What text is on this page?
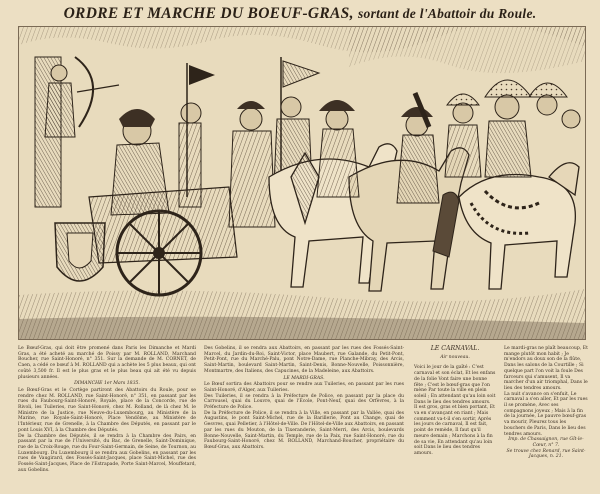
ORDRE ET MARCHE DU BOEUF-GRAS, sortant de l'Abattoir du Roule.

Le Bœuf-Gras, qui doit être promené dans Paris les Dimanche et Mardi Gras, a été acheté au marché de Poissy par M. ROLLAND, Marchand Boucher, rue Saint-Honoré, n° 351. Sur la demande de M. CORNET, de Caen, a cédé ce bœuf à M. ROLLAND qui a achète les 5 plus beaux, qui ont coûté 3,500 fr. Il est le plus gras et le plus beau qui ait été vu depuis plusieurs années.

DIMANCHE 1er Mars 1835.

Le Bœuf-Gras et le Cortège partiront des Abattoirs du Roule, pour se rendre chez M. ROLLAND, rue Saint-Honoré, n° 351, en passant par les rues du Faubourg-Saint-Honoré, Royale, place de la Concorde, rue de Rivoli, les Tuileries, rue Saint-Honoré, chez M. Rolland, de là chez M. le Ministre de la Justice, rue Neuve-du-Luxembourg, au Ministère de la Marine, rue Royale-Saint-Honoré, Place Vendôme, au Ministère de l'Intérieur, rue de Grenelle, à la Chambre des Députés, en passant par le pont Louis XVI, à la Chambre des Députés.

De la Chambre des Députés, il se rendra à la Chambre des Pairs, en passant par la rue de l'Université, du Bac, de Grenelle, Saint-Dominique, rue de la Croix-Rouge, rue du Four-Saint-Germain, de Seine, de Tournon, au Luxembourg. Du Luxembourg il se rendra aux Gobelins, en passant par les rues de Vaugirard, des Fossés-Saint-Jacques, place Saint-Michel, rue des Fossés-Saint-Jacques, Place de l'Estrapade, Porte Saint-Marcel, Mouffetard, aux Gobelins.

Des Gobelins, il se rendra aux Abattoirs, en passant par les rues des Fossés-Saint-Marcel, du Jardin-du-Roi, Saint-Victor, place Maubert, rue Galande, du Petit-Pont, Petit-Pont, rue du Marché-Palu, pont Notre-Dame, rue Planche-Mibray, des Arcis, Saint-Martin, boulevard Saint-Martin, Saint-Denis, Bonne-Nouvelle, Poissonnière, Montmartre, des Italiens, des Capucines, de la Madeleine, aux Abattoirs.

LE MARDI-GRAS.

Le Bœuf sortira des Abattoirs pour se rendre aux Tuileries, en passant par les rues Saint-Honoré, d'Alger, aux Tuileries.

Des Tuileries, il se rendra à la Préfecture de Police, en passant par la place du Carrousel, quai du Louvre, quai de l'École, Pont-Neuf, quai des Orfèvres, à la Préfecture de Police.

De la Préfecture de Police, il se rendra à la Ville, en passant par la Vallée, quai des Augustins, le pont Saint-Michel, rue de la Barillerie, Pont au Change, quai de Gesvres, quai Pelletier, à l'Hôtel-de-Ville. De l'Hôtel-de-Ville aux Abattoirs, en passant par les rues du Mouton, de la Tixeranderie, Saint-Merri, des Arcis, boulevards Bonne-Nouvelle, Saint-Martin, du Temple, rue de la Paix, rue Saint-Honoré, rue du Faubourg-Saint-Honoré, chez M. ROLLAND, Marchand-Boucher, propriétaire du Bœuf-Gras, aux Abattoirs.

LE CARNAVAL.
Air nouveau.

Voici le jour de la gaîté : C'est carnaval et son éclat, Et les enfans de la folie Vont faire une bonne fête ; C'est le bœuf-gras que l'on mène Par toute la ville en plein soleil ; En attendant qu'au loin soit Dans le lieu des tendres amours.

Il est gros, gras et bien portant, Et va en s'avançant en riant ; Mais comment va-t-il s'en sortir, Après les jours de carnaval, Il est fait, point de remède, Il faut qu'il meure demain ; Marchons à la fin de sa vie, En attendant qu'au loin soit Dans le lieu des tendres amours.

Le mardi-gras ne plaît beaucoup, Et mange plutôt mon habit ; Je m'endors au doux son de la flûte, Dans les salons de la Courtille ; Si quelque part l'on voit la foule Des farceurs qui s'amusent, Il va marcher d'un air triomphal, Dans le lieu des tendres amours.

La nuit s'avance on s'enfuit, Le carnaval a s'en aller, Et par les rues il se promène, Avec ses compagnons joyeux ; Mais à la fin de la journée, Le pauvre bœuf-gras va mourir, Pleurez tous les bouchers de Paris, Dans le lieu des tendres amours.

Imp. de Chassaignon, rue Gît-le-Cœur, n° 7.

Se trouve chez Renard, rue Saint-Jacques, n. 21.
